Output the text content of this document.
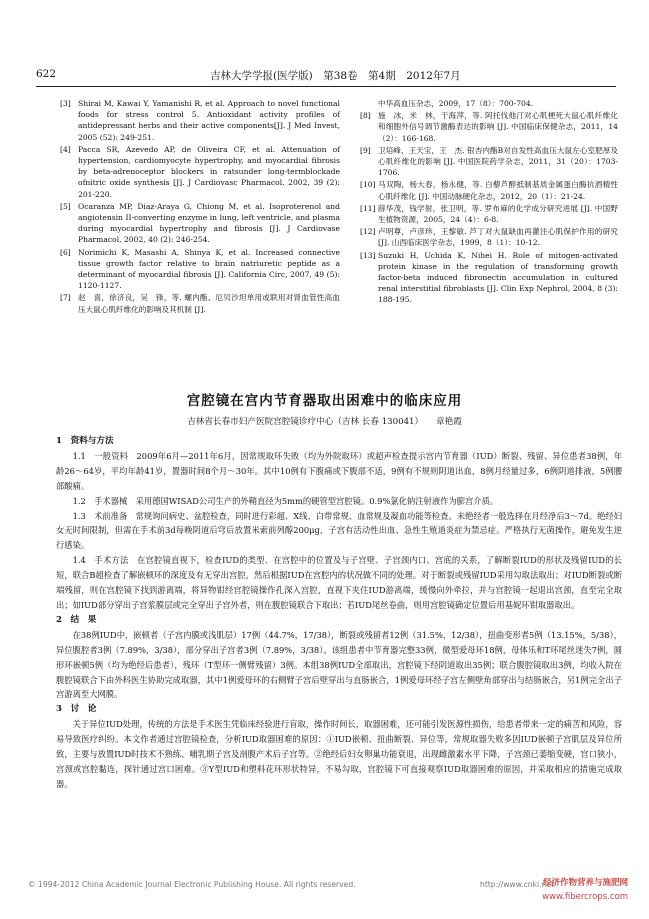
622	吉林大学学报(医学版)　第38卷　第4期　2012年7月
[3] Shirai M, Kawai Y, Yamanishi R, et al. Approach to novel functional foods for stress control 5. Antioxidant activity profiles of antidepressant herbs and their active components[J]. J Med Invest, 2005 (52): 249-251.
[4] Pacca SR, Azevedo AP, de Oliveira CF, et al. Attenuation of hypertension, cardiomyocyte hypertrophy, and myocardial fibrosis by beta-adrenoceptor blockers in ratsunder long-termblockade ofnitric oxide synthesis [J]. J Cardiovasc Pharmacol, 2002, 39 (2): 201-220.
[5] Ocaranza MP, Diaz-Araya G, Chiong M, et al. Isoproterenol and angiotensin II-converting enzyme in lung, left ventricle, and plasma during myocardial hypertrophy and fibrosis [J]. J Cardiovase Pharmacol, 2002, 40 (2): 246-254.
[6] Norimichi K, Masashi A, Shinya K, et al. Increased connective tissue growth factor relative to brain natriuretic peptide as a determinant of myocardial fibrosis [J]. California Circ, 2007, 49 (5): 1120-1127.
[7] 赵　喜，徐济良，吴　锋，等. 螺内酯、厄贝沙坦单用或联用对肾血管性高血压大鼠心肌纤维化的影响及其机制 [J].
中华高血压杂志，2009，17（8）：700-704.
[8] 施　冰，米　林，于海萍，等. 阿托伐他汀对心肌梗死大鼠心肌纤维化和细胞外信号调节激酶表达的影响 [J]. 中国临床保健杂志，2011，14（2）：166-168.
[9] 卫培峰，王天宝，王　杰. 银杏内酯B对自发性高血压大鼠左心室肥厚及心肌纤维化的影响 [J]. 中国医院药学杂志，2011，31（20）：1703-1706.
[10] 马双陶，杨大春，杨永健，等. 白藜芦醇抵制基质金属蛋白酶抗酒精性心肌纤维化 [J]. 中国动脉硬化杂志，2012，20（1）：21-24.
[11] 薛华茂，钱学射，张卫明，等. 罗布麻的化学成分研究进展 [J]. 中国野生植物资源，2005，24（4）：6-8.
[12] 卢明尊，卢彦珍，王黎敏. 芦丁对大鼠缺血再灌注心肌保护作用的研究 [J]. 山西临床医学杂志，1999，8（1）：10-12.
[13] Suzuki H, Uchida K, Nihei H. Role of mitogen-activated protein kinase in the regulation of transforming growth factor-beta induced fibronectin accumulation in cultured renal interstitial fibroblasts [J]. Clin Exp Nephrol, 2004, 8 (3): 188-195.
宫腔镜在宫内节育器取出困难中的临床应用
吉林省长春市妇产医院宫腔镜诊疗中心（吉林 长春 130041）　　章艳霞
1　资料与方法

1.1　一般资料　2009年6月—2011年6月，因常规取环失败（均为外院取环）或超声检查提示宫内节育器（IUD）断裂、残留、异位患者38例，年龄26～64岁，平均年龄41岁，置器时间8个月～30年。其中10例有下腹痛或下腹部不适，9例有不规则阴道出血，8例月经量过多，6例阴道排液，5例腰部酸痛。

1.2　手术器械　采用德国WISAD公司生产的外鞘直径为5mm的硬管型宫腔镜。0.9%氯化钠注射液作为膨宫介质。

1.3　术前准备　常规询问病史、盆腔检查，同时进行彩超、X线、白带常规、血常规及凝血功能等检查。未绝经者一般选择在月经净后3～7d。绝经妇女无时间限制，但需在手术前3d每晚阴道后穹后放置米索前列醇200μg，子宫有活动性出血、急性生殖道炎症为禁忌症。严格执行无菌操作，避免发生逆行感染。

1.4　手术方法　在宫腔镜直视下，检查IUD的类型、在宫腔中的位置及与子宫壁、子宫颈内口、宫底的关系，了解断裂IUD的形状及残留IUD的长短，联合B超检查了解嵌顿环的深度及有无穿出宫腔，然后根据IUD在宫腔内的状况做不同的处理。对于断裂或残留IUD采用勾取法取出；对IUD断裂或断端残留，则在宫腔镜下找到游离端，将异物钳经宫腔镜操作孔深入宫腔，直视下夹住IUD游离端，缓慢向外牵拉，并与宫腔镜一起退出宫颈，直至完全取出；如IUD部分穿出子宫浆膜层或完全穿出子宫外者，则在腹腔镜联合下取出；若IUD尾丝卷曲，则用宫腔镜确定位置后用基妮环钳取器取出。

2　结　果

在38例IUD中，嵌顿者（子宫内膜或浅肌层）17例（44.7%，17/38），断裂或残留者12例（31.5%，12/38），扭曲变形者5例（13.15%，5/38），异位腹腔者3例（7.89%，3/38），部分穿出子宫者3例（7.89%，3/38）。该组患者中节育器完整33例，微型爱母环18例，母体乐和T环尾丝迷失7例，圆形环嵌顿5例（均为绝经后患者），残环（T型环一侧臂残留）3例。本组38例IUD全部取出，宫腔镜下经阴道取出35例；联合腹腔镜取出3例，均收入院在腹腔镜联合下由外科医生协助完成取器，其中1例爱母环的右侧臂子宫后壁穿出与直肠嵌合，1例爱母环经子宫左侧壁角部穿出与结肠嵌合，另1例完全出子宫游离至大网膜。

3　讨　论

关于异位IUD处理，传统的方法是手术医生凭临床经验进行盲取，操作时间长，取器困难，还可能引发医源性损伤，给患者带来一定的痛苦和风险，容易导致医疗纠纷。本文作者通过宫腔镜检查，分析IUD取器困难的原因：①IUD嵌顿、扭曲断裂、异位等，常规取器失败多因IUD嵌顿子宫肌层及异位所致，主要与放置IUD时技术不熟练、哺乳期子宫及剖腹产术后子宫等。②绝经后妇女卵巢功能衰退，出现雌激素水平下降，子宫颈已萎缩变硬，宫口狭小，宫颈或宫腔黏连，探针通过宫口困难。③Y型IUD和塑料花环形状特异，不易勾取，宫腔镜下可直接观察IUD取器困难的原因，并采取相应的措施完成取器。

© 1994-2012 China Academic Journal Electronic Publishing House. All rights reserved.	http://www.cnki.net
经济作物营养与施肥网
www.fibercrops.com
